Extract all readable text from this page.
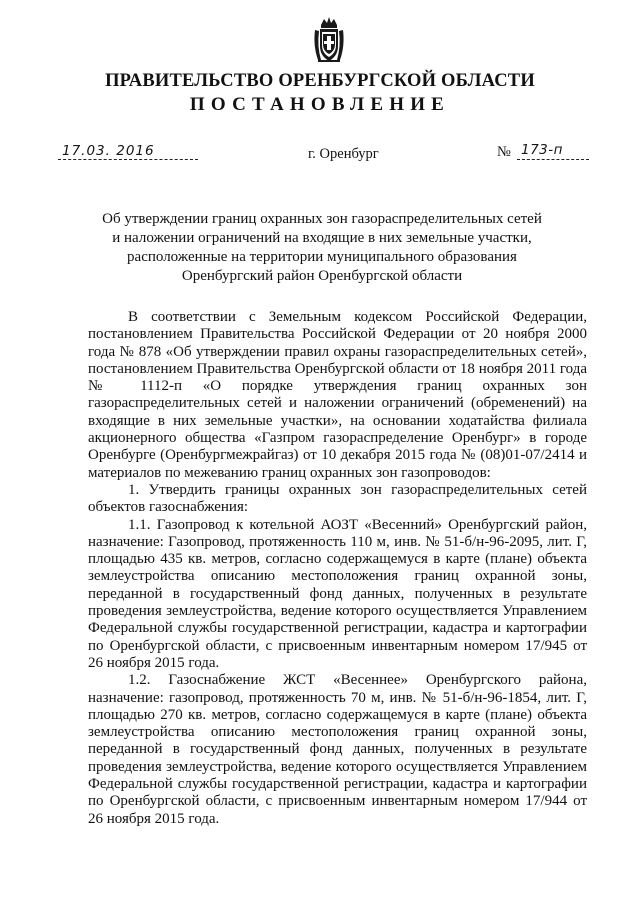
ПРАВИТЕЛЬСТВО ОРЕНБУРГСКОЙ ОБЛАСТИ
ПОСТАНОВЛЕНИЕ
17.03. 2016	г. Оренбург	№ 173-п
Об утверждении границ охранных зон газораспределительных сетей
и наложении ограничений на входящие в них земельные участки,
расположенные на территории муниципального образования
Оренбургский район Оренбургской области

В соответствии с Земельным кодексом Российской Федерации, постановлением Правительства Российской Федерации от 20 ноября 2000 года № 878 «Об утверждении правил охраны газораспределительных сетей», постановлением Правительства Оренбургской области от 18 ноября 2011 года № 1112-п «О порядке утверждения границ охранных зон газораспределительных сетей и наложении ограничений (обременений) на входящие в них земельные участки», на основании ходатайства филиала акционерного общества «Газпром газораспределение Оренбург» в городе Оренбурге (Оренбургмежрайгаз) от 10 декабря 2015 года № (08)01-07/2414 и материалов по межеванию границ охранных зон газопроводов:

1. Утвердить границы охранных зон газораспределительных сетей объектов газоснабжения:

1.1. Газопровод к котельной АОЗТ «Весенний» Оренбургский район, назначение: Газопровод, протяженность 110 м, инв. № 51-б/н-96-2095, лит. Г, площадью 435 кв. метров, согласно содержащемуся в карте (плане) объекта землеустройства описанию местоположения границ охранной зоны, переданной в государственный фонд данных, полученных в результате проведения землеустройства, ведение которого осуществляется Управлением Федеральной службы государственной регистрации, кадастра и картографии по Оренбургской области, с присвоенным инвентарным номером 17/945 от 26 ноября 2015 года.

1.2. Газоснабжение ЖСТ «Весеннее» Оренбургского района, назначение: газопровод, протяженность 70 м, инв. № 51-б/н-96-1854, лит. Г, площадью 270 кв. метров, согласно содержащемуся в карте (плане) объекта землеустройства описанию местоположения границ охранной зоны, переданной в государственный фонд данных, полученных в результате проведения землеустройства, ведение которого осуществляется Управлением Федеральной службы государственной регистрации, кадастра и картографии по Оренбургской области, с присвоенным инвентарным номером 17/944 от 26 ноября 2015 года.
